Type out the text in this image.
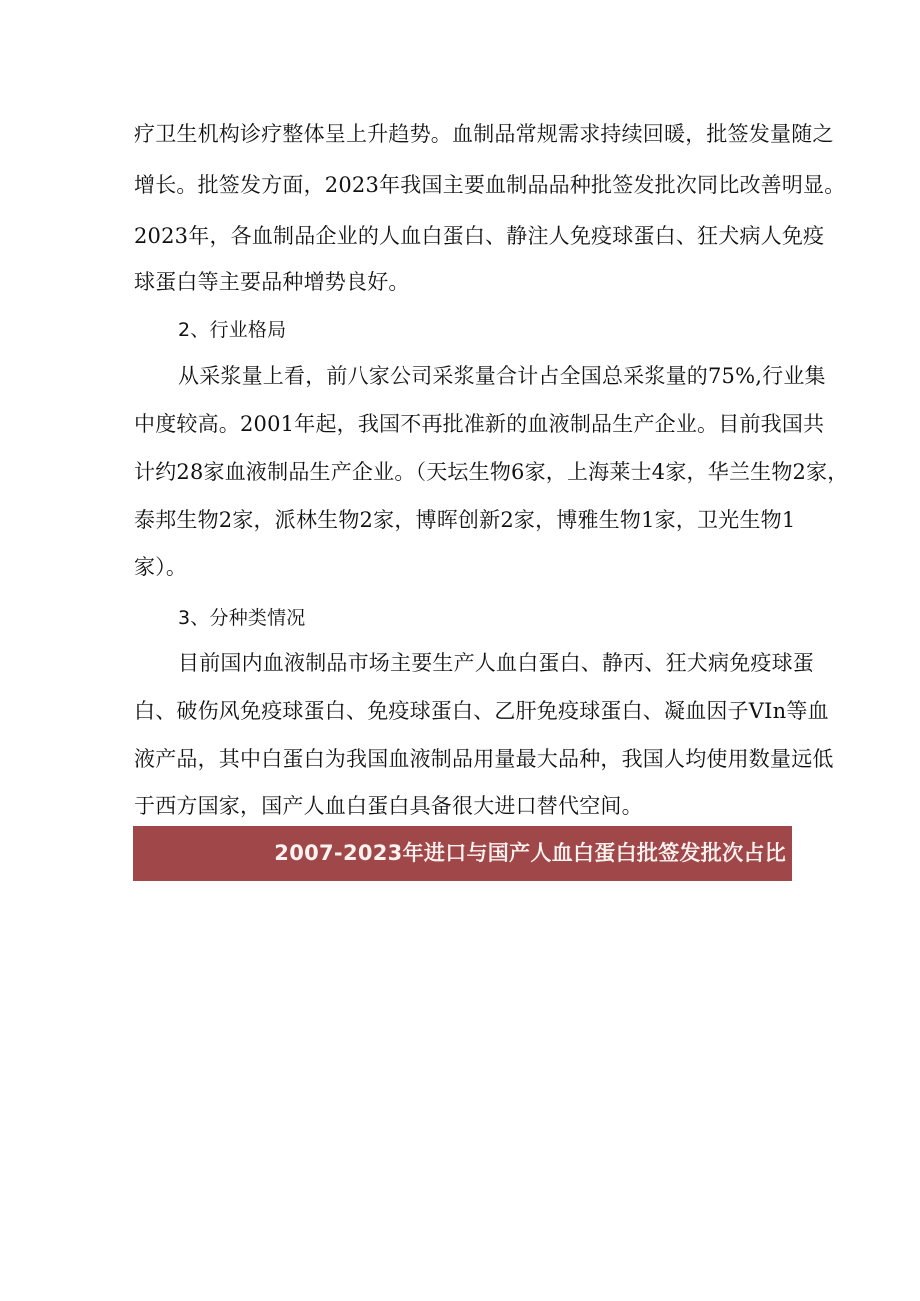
疗卫生机构诊疗整体呈上升趋势。血制品常规需求持续回暖，批签发量随之
增长。批签发方面，2023年我国主要血制品品种批签发批次同比改善明显。
2023年，各血制品企业的人血白蛋白、静注人免疫球蛋白、狂犬病人免疫
球蛋白等主要品种增势良好。
2、行业格局
从采浆量上看，前八家公司采浆量合计占全国总采浆量的75%,行业集
中度较高。2001年起，我国不再批准新的血液制品生产企业。目前我国共
计约28家血液制品生产企业。（天坛生物6家，上海莱士4家，华兰生物2家，
泰邦生物2家，派林生物2家，博晖创新2家，博雅生物1家，卫光生物1
家）。
3、分种类情况
目前国内血液制品市场主要生产人血白蛋白、静丙、狂犬病免疫球蛋
白、破伤风免疫球蛋白、免疫球蛋白、乙肝免疫球蛋白、凝血因子VIn等血
液产品，其中白蛋白为我国血液制品用量最大品种，我国人均使用数量远低
于西方国家，国产人血白蛋白具备很大进口替代空间。
2007-2023年进口与国产人血白蛋白批签发批次占比
